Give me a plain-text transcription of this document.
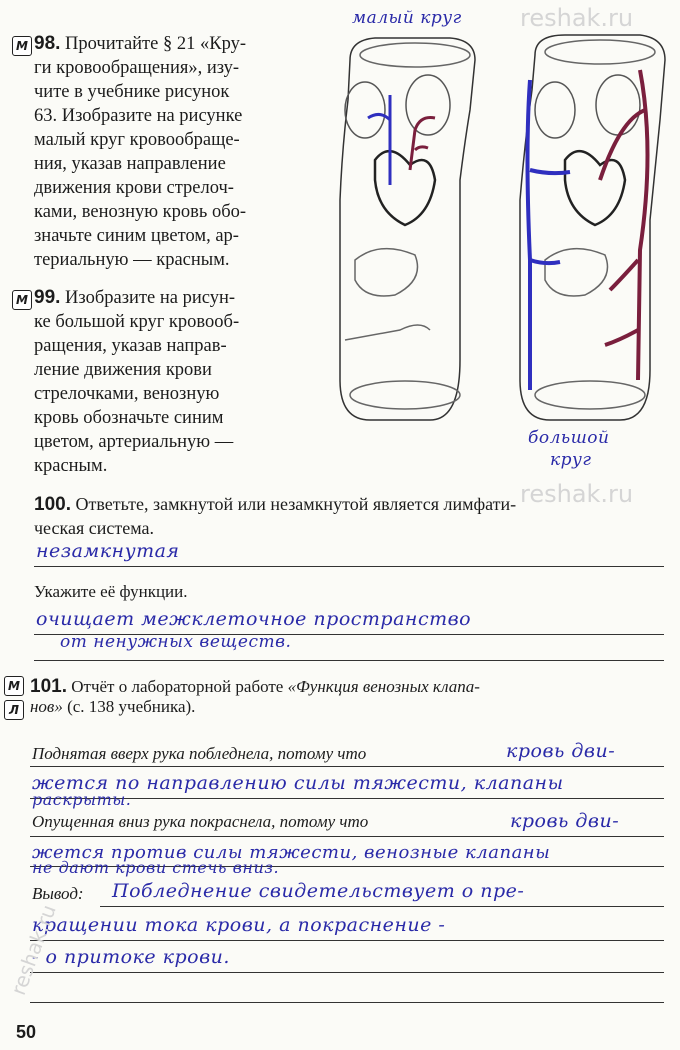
М 98. Прочитайте § 21 «Кру-
ги кровообращения», изу-
чите в учебнике рисунок
63. Изобразите на рисунке
малый круг кровообраще-
ния, указав направление
движения крови стрелоч-
ками, венозную кровь обо-
значьте синим цветом, ар-
териальную — красным.
М 99. Изобразите на рисун-
ке большой круг кровооб-
ращения, указав направ-
ление движения крови
стрелочками, венозную
кровь обозначьте синим
цветом, артериальную —
красным.
малый круг
большой
круг
100. Ответьте, замкнутой или незамкнутой является лимфати-
ческая система.
незамкнутая
Укажите её функции.
очищает межклеточное пространство
от ненужных веществ.
М
Л
101. Отчёт о лабораторной работе «Функция венозных клапа-
нов» (с. 138 учебника).
Поднятая вверх рука побледнела, потому что	кровь дви-
жется по направлению силы тяжести, клапаны
раскрыты.
Опущенная вниз рука покраснела, потому что	кровь дви-
жется против силы тяжести, венозные клапаны
не дают крови стечь вниз.
Вывод: Побледнение свидетельствует о пре-
кращении тока крови, а покраснение -
- о притоке крови.
reshak.ru
reshak.ru
reshak.ru
50
